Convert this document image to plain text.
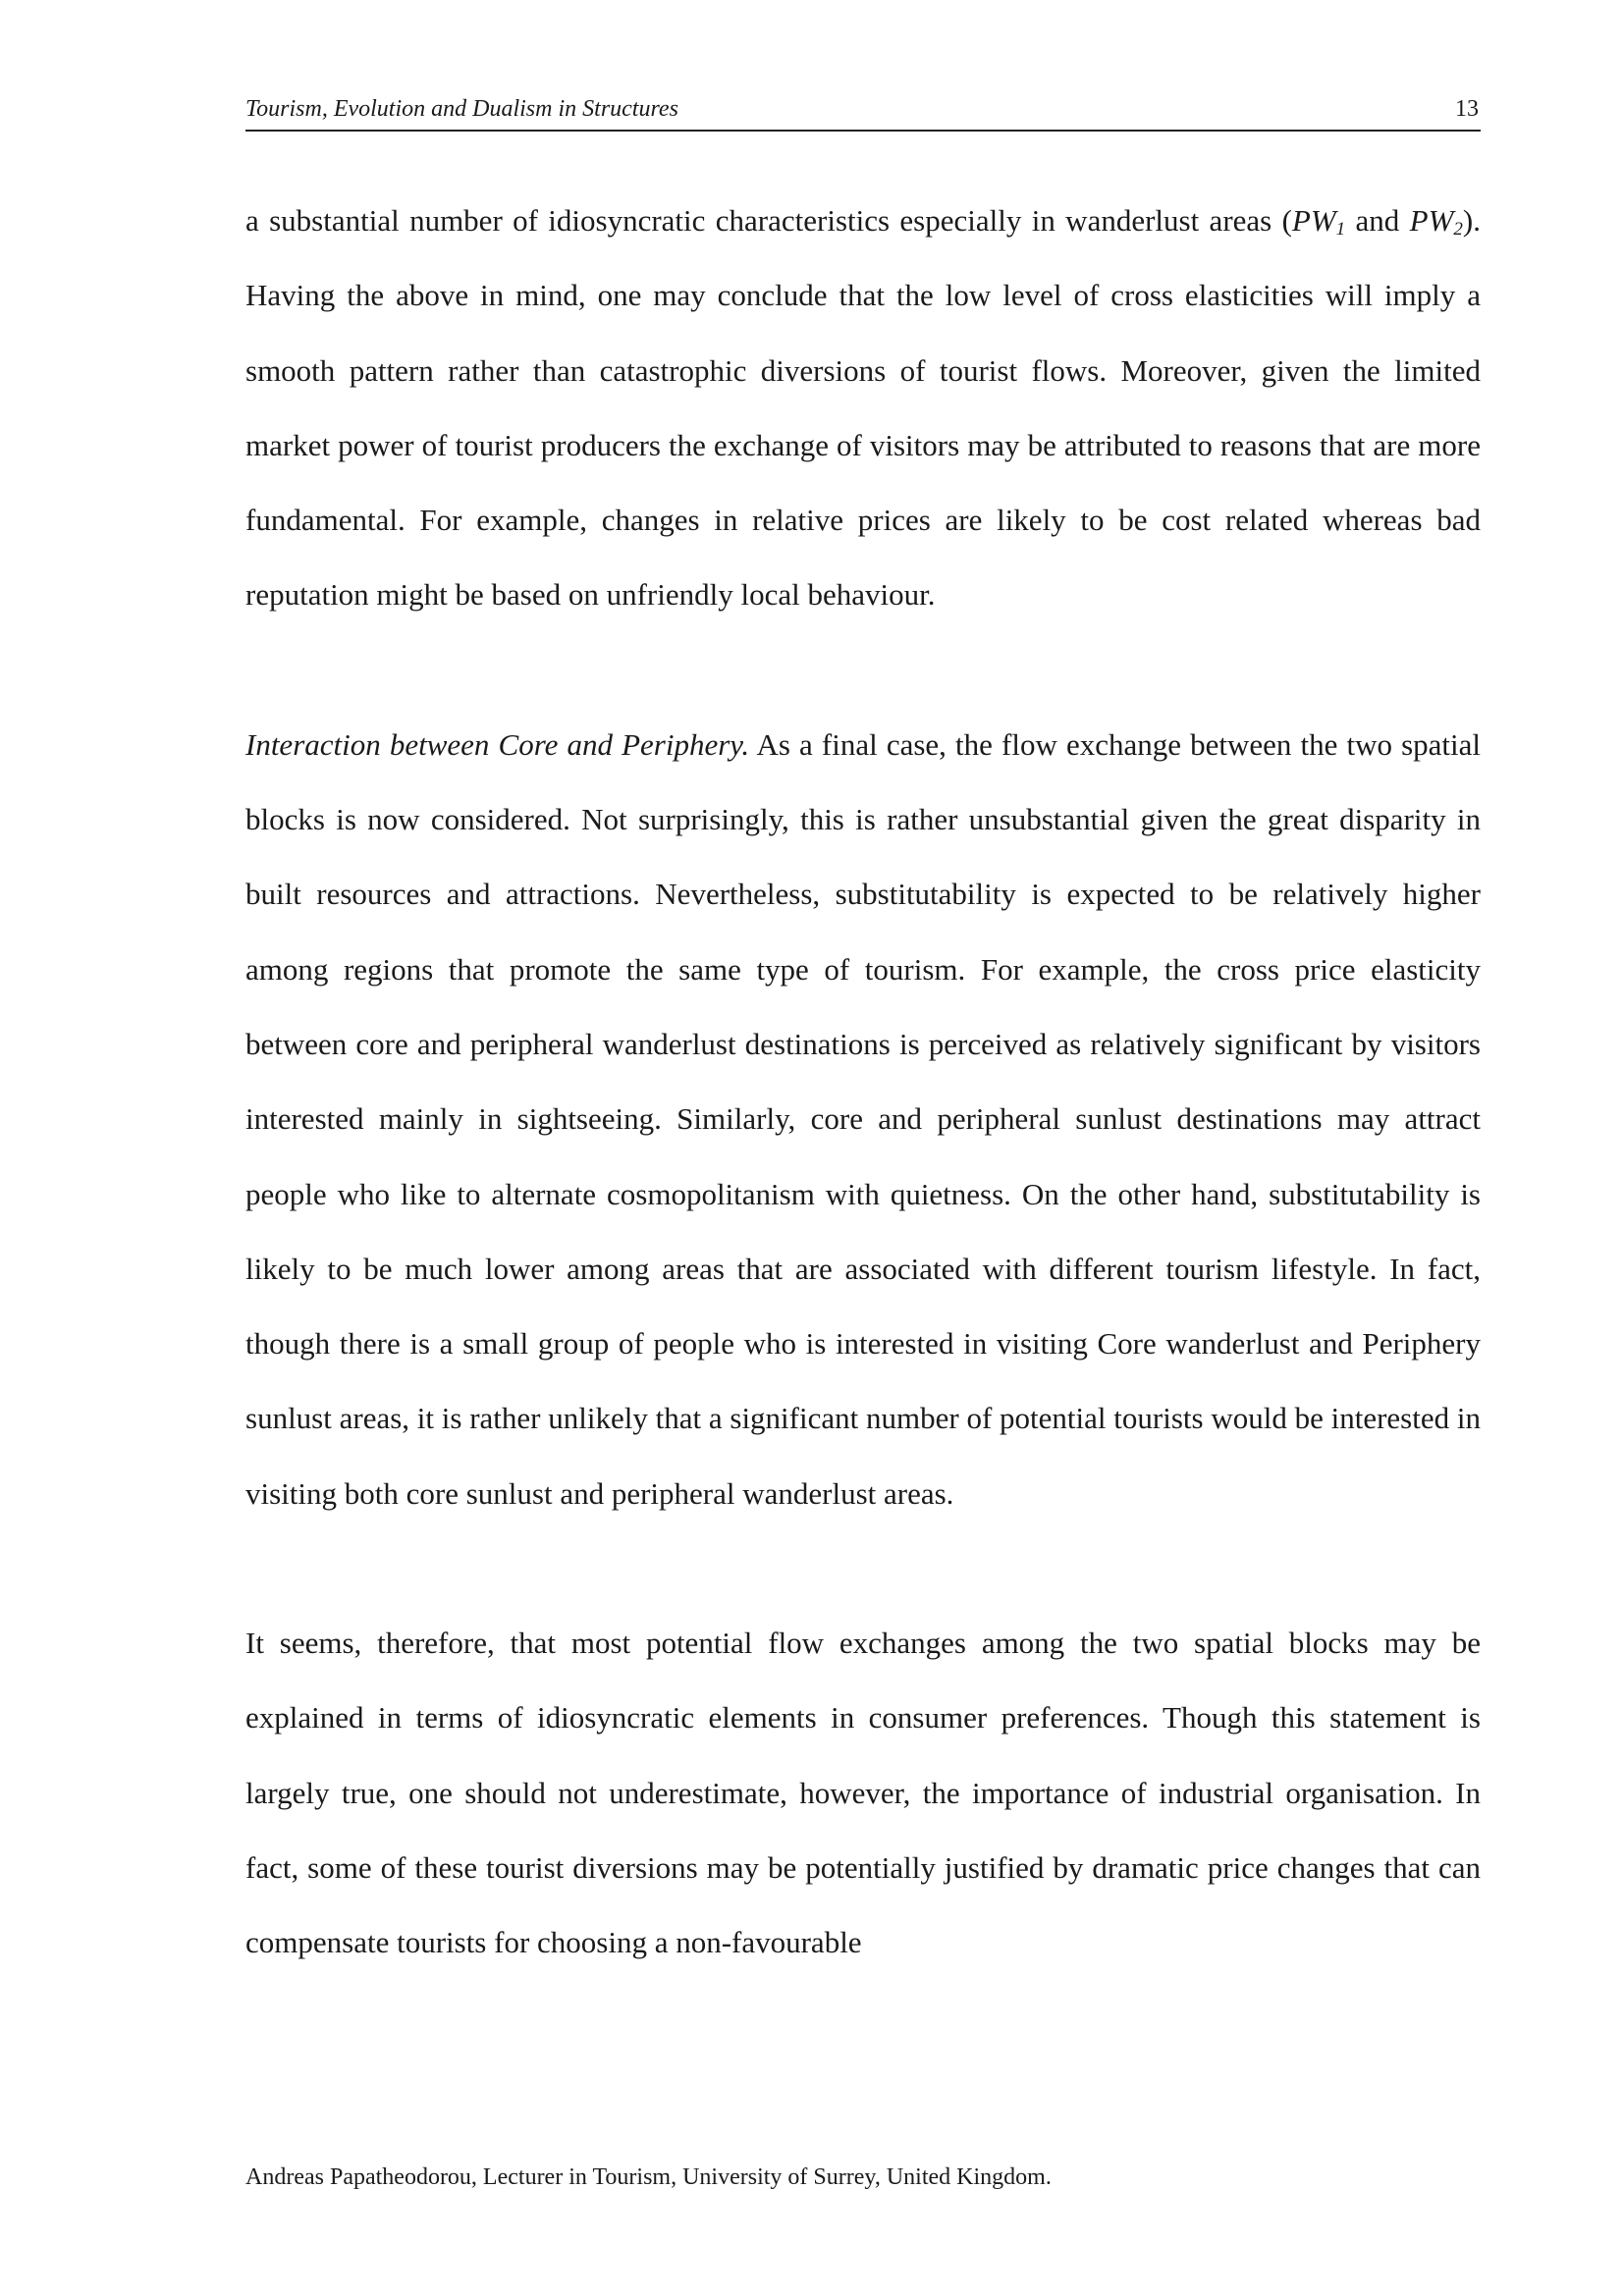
Tourism, Evolution and Dualism in Structures	13

a substantial number of idiosyncratic characteristics especially in wanderlust areas ($PW_1$ and $PW_2$). Having the above in mind, one may conclude that the low level of cross elasticities will imply a smooth pattern rather than catastrophic diversions of tourist flows. Moreover, given the limited market power of tourist producers the exchange of visitors may be attributed to reasons that are more fundamental. For example, changes in relative prices are likely to be cost related whereas bad reputation might be based on unfriendly local behaviour.

Interaction between Core and Periphery. As a final case, the flow exchange between the two spatial blocks is now considered. Not surprisingly, this is rather unsubstantial given the great disparity in built resources and attractions. Nevertheless, substitutability is expected to be relatively higher among regions that promote the same type of tourism. For example, the cross price elasticity between core and peripheral wanderlust destinations is perceived as relatively significant by visitors interested mainly in sightseeing. Similarly, core and peripheral sunlust destinations may attract people who like to alternate cosmopolitanism with quietness. On the other hand, substitutability is likely to be much lower among areas that are associated with different tourism lifestyle. In fact, though there is a small group of people who is interested in visiting Core wanderlust and Periphery sunlust areas, it is rather unlikely that a significant number of potential tourists would be interested in visiting both core sunlust and peripheral wanderlust areas.

It seems, therefore, that most potential flow exchanges among the two spatial blocks may be explained in terms of idiosyncratic elements in consumer preferences. Though this statement is largely true, one should not underestimate, however, the importance of industrial organisation. In fact, some of these tourist diversions may be potentially justified by dramatic price changes that can compensate tourists for choosing a non-favourable

Andreas Papatheodorou, Lecturer in Tourism, University of Surrey, United Kingdom.
